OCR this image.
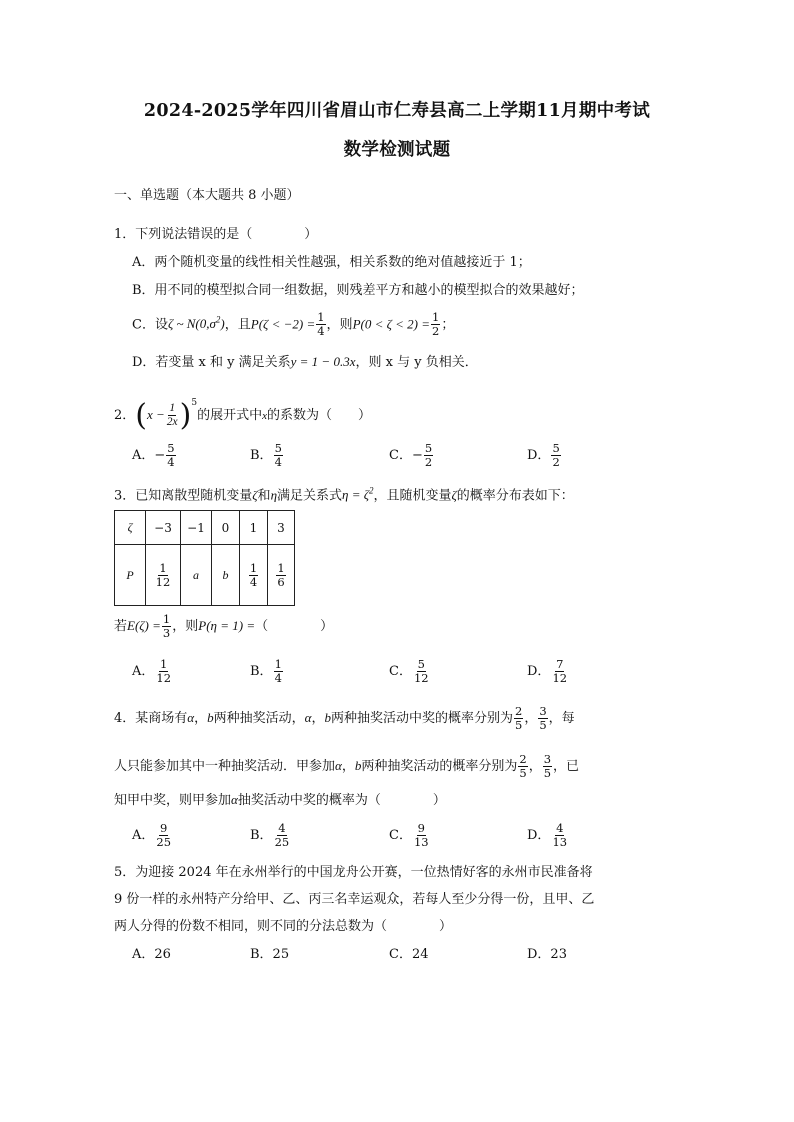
2024-2025学年四川省眉山市仁寿县高二上学期11月期中考试
数学检测试题
一、单选题（本大题共 8 小题）
1．下列说法错误的是（　　　　）
A．两个随机变量的线性相关性越强，相关系数的绝对值越接近于 1；
B．用不同的模型拟合同一组数据，则残差平方和越小的模型拟合的效果越好；
C．设ζ ~ $N(0,\sigma^2)$，且$P(\zeta < -2) = \frac{1}{4}$ ，则$P(0 < \zeta < 2) = \frac{1}{2}$ ；
D．若变量 x 和 y 满足关系y = 1 − 0.3x，则 x 与 y 负相关．
2．$(x - \frac{1}{2x} )^5$的展开式中x的系数为（　　）
A．− $\frac{5}{4}$	B． $\frac{5}{4}$	C．− $\frac{5}{2}$	D． $\frac{5}{2}$
3．已知离散型随机变量ζ和η满足关系式$\eta = \zeta^2$，且随机变量ζ的概率分布表如下：
ζ	−3	−1	0	1	3
P	$\frac{1}{12}$	a	b	$\frac{1}{4}$	$\frac{1}{6}$
若$E(\zeta) = \frac{1}{3}$ ，则P(η = 1) =（　　　　）
A． $\frac{1}{12}$	B． $\frac{1}{4}$	C． $\frac{5}{12}$	D． $\frac{7}{12}$
4．某商场有α，b两种抽奖活动，α，b两种抽奖活动中奖的概率分别为 $\frac{2}{5}$ ， $\frac{3}{5}$ ，每
人只能参加其中一种抽奖活动．甲参加α，b两种抽奖活动的概率分别为 $\frac{2}{5}$ ， $\frac{3}{5}$ ，已
知甲中奖，则甲参加α抽奖活动中奖的概率为（　　　　）
A． $\frac{9}{25}$	B． $\frac{4}{25}$	C． $\frac{9}{13}$	D． $\frac{4}{13}$
5．为迎接 2024 年在永州举行的中国龙舟公开赛，一位热情好客的永州市民准备将
9 份一样的永州特产分给甲、乙、丙三名幸运观众，若每人至少分得一份，且甲、乙
两人分得的份数不相同，则不同的分法总数为（　　　　）
A．26	B．25	C．24	D．23
